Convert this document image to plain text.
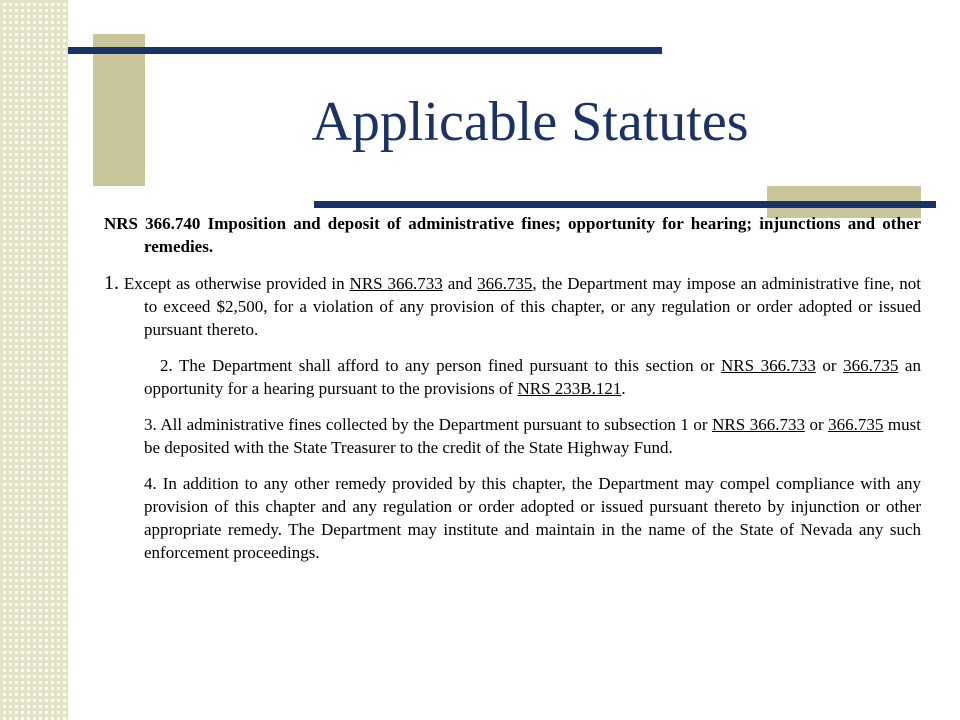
Applicable Statutes

NRS 366.740 Imposition and deposit of administrative fines; opportunity for hearing; injunctions and other remedies.

1. Except as otherwise provided in NRS 366.733 and 366.735, the Department may impose an administrative fine, not to exceed $2,500, for a violation of any provision of this chapter, or any regulation or order adopted or issued pursuant thereto.

2. The Department shall afford to any person fined pursuant to this section or NRS 366.733 or 366.735 an opportunity for a hearing pursuant to the provisions of NRS 233B.121.

3. All administrative fines collected by the Department pursuant to subsection 1 or NRS 366.733 or 366.735 must be deposited with the State Treasurer to the credit of the State Highway Fund.

4. In addition to any other remedy provided by this chapter, the Department may compel compliance with any provision of this chapter and any regulation or order adopted or issued pursuant thereto by injunction or other appropriate remedy. The Department may institute and maintain in the name of the State of Nevada any such enforcement proceedings.
